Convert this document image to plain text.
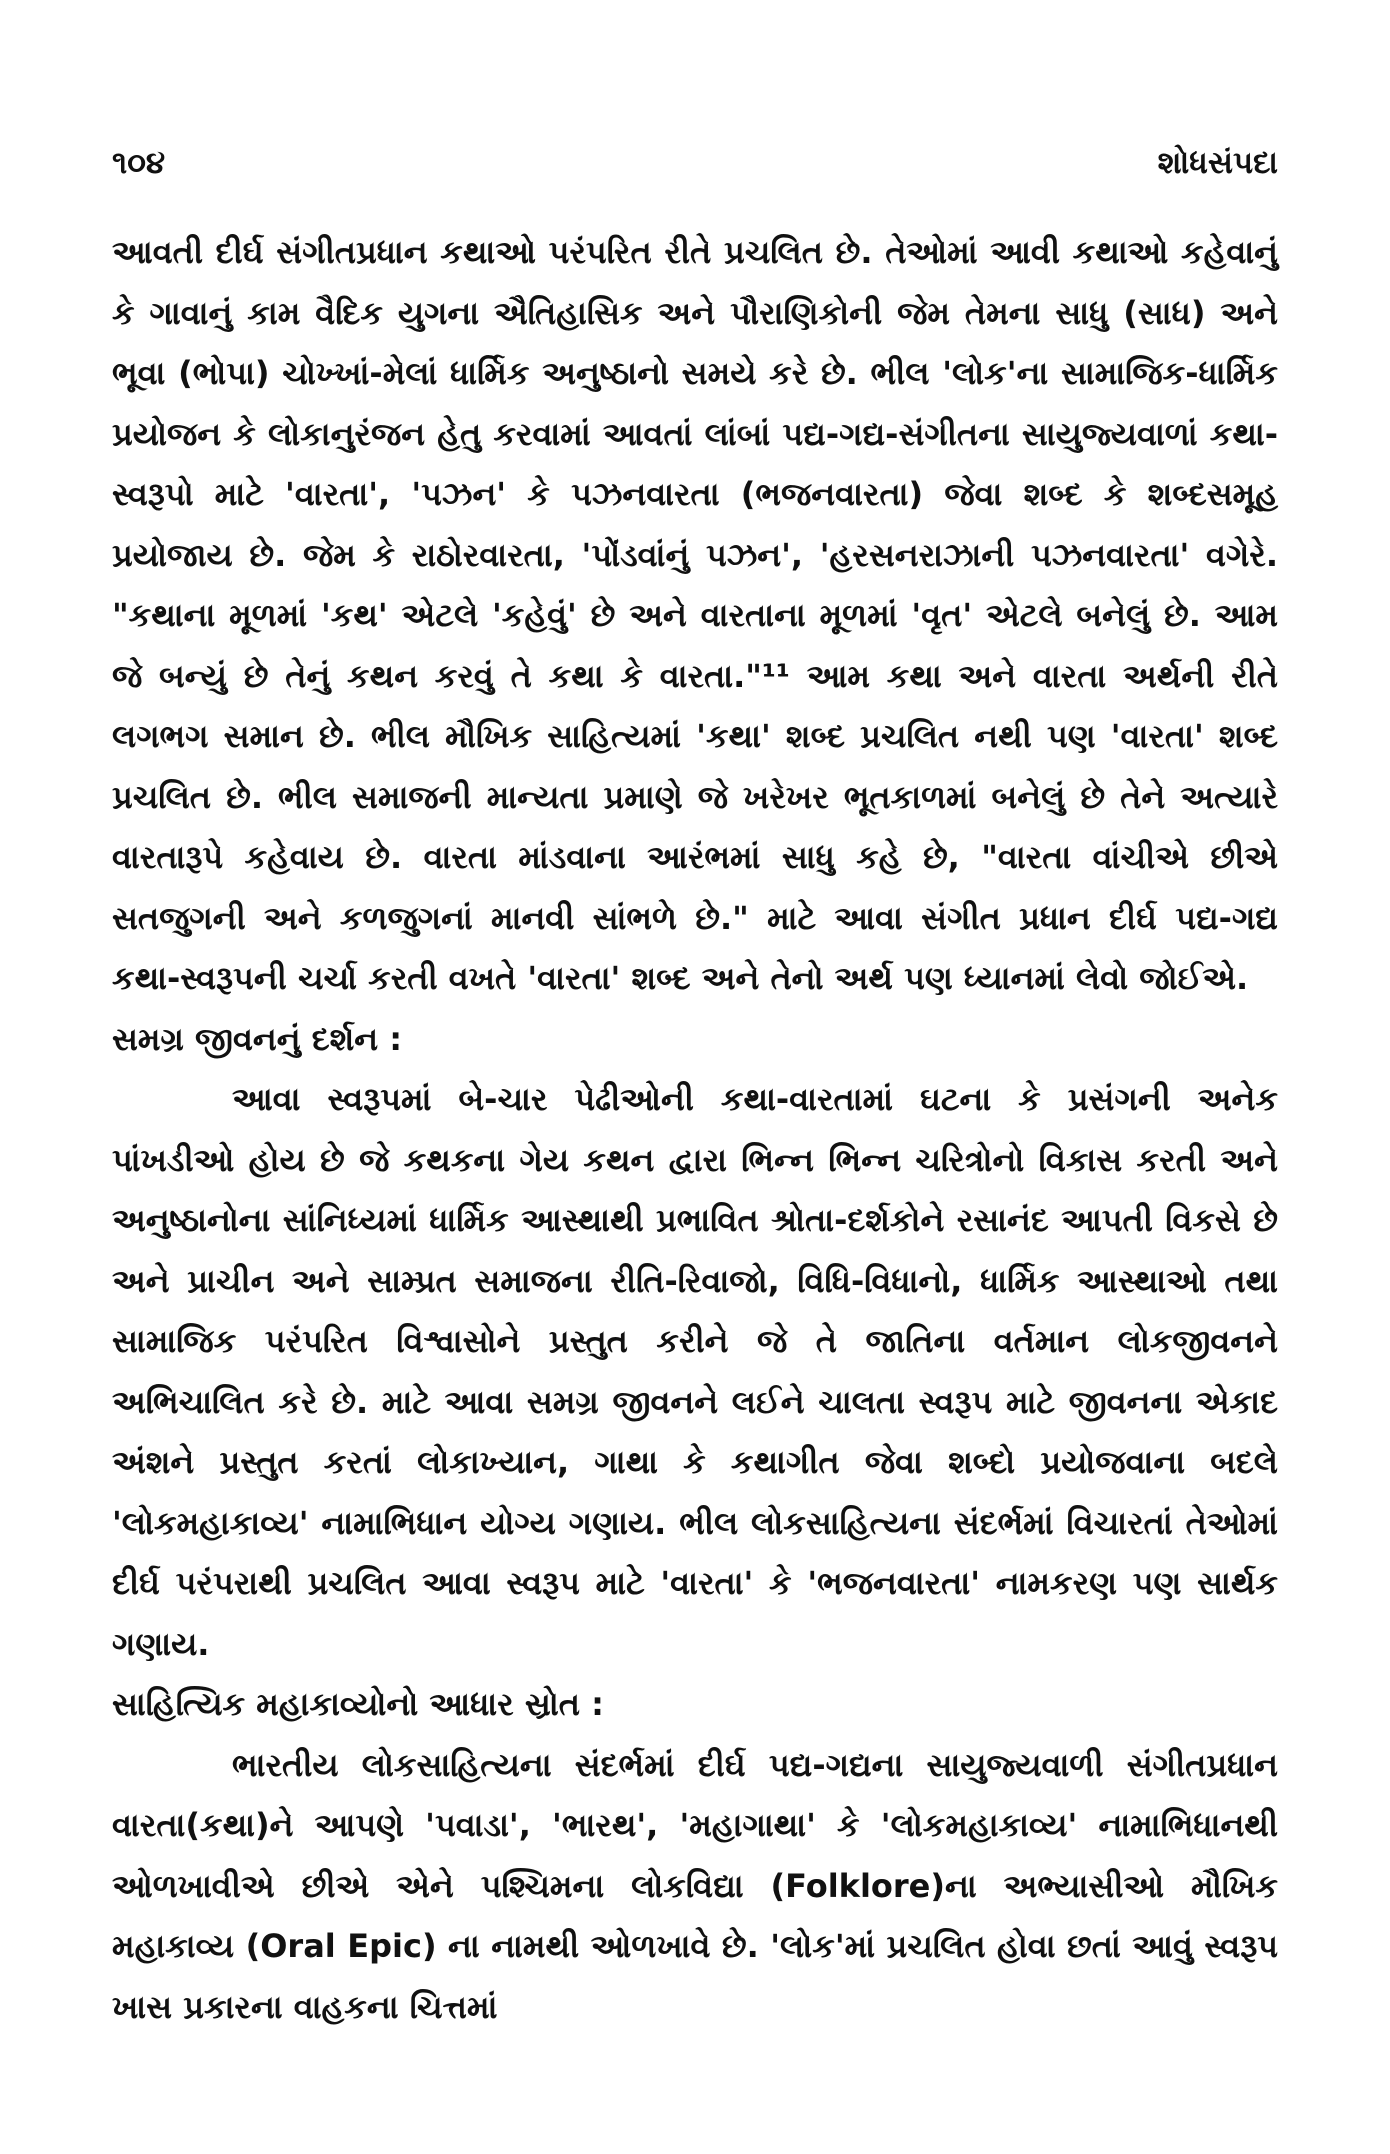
૧૦૪	શોધસંપદા

આવતી દીર્ઘ સંગીતપ્રધાન કથાઓ પરંપરિત રીતે પ્રચલિત છે. તેઓમાં આવી કથાઓ કહેવાનું કે ગાવાનું કામ વૈદિક યુગના ઐતિહાસિક અને પૌરાણિકોની જેમ તેમના સાધુ (સાધ) અને ભૂવા (ભોપા) ચોખ્ખાં-મેલાં ધાર્મિક અનુષ્ઠાનો સમયે કરે છે. ભીલ 'લોક'ના સામાજિક-ધાર્મિક પ્રયોજન કે લોકાનુરંજન હેતુ કરવામાં આવતાં લાંબાં પદ્ય-ગદ્ય-સંગીતના સાયુજ્યવાળાં કથા-સ્વરૂપો માટે 'વારતા', 'પઝન' કે પઝનવારતા (ભજનવારતા) જેવા શબ્દ કે શબ્દસમૂહ પ્રયોજાય છે. જેમ કે રાઠોરવારતા, 'પોંડવાંનું પઝન', 'હરસનરાઝાની પઝનવારતા' વગેરે. "કથાના મૂળમાં 'કથ' એટલે 'કહેવું' છે અને વારતાના મૂળમાં 'વૃત' એટલે બનેલું છે. આમ જે બન્યું છે તેનું કથન કરવું તે કથા કે વારતા."¹¹ આમ કથા અને વારતા અર્થની રીતે લગભગ સમાન છે. ભીલ મૌખિક સાહિત્યમાં 'કથા' શબ્દ પ્રચલિત નથી પણ 'વારતા' શબ્દ પ્રચલિત છે. ભીલ સમાજની માન્યતા પ્રમાણે જે ખરેખર ભૂતકાળમાં બનેલું છે તેને અત્યારે વારતારૂપે કહેવાય છે. વારતા માંડવાના આરંભમાં સાધુ કહે છે, "વારતા વાંચીએ છીએ સતજુગની અને કળજુગનાં માનવી સાંભળે છે." માટે આવા સંગીત પ્રધાન દીર્ઘ પદ્ય-ગદ્ય કથા-સ્વરૂપની ચર્ચા કરતી વખતે 'વારતા' શબ્દ અને તેનો અર્થ પણ ધ્યાનમાં લેવો જોઈએ.

સમગ્ર જીવનનું દર્શન :

આવા સ્વરૂપમાં બે-ચાર પેઢીઓની કથા-વારતામાં ઘટના કે પ્રસંગની અનેક પાંખડીઓ હોય છે જે કથકના ગેય કથન દ્વારા ભિન્ન ભિન્ન ચરિત્રોનો વિકાસ કરતી અને અનુષ્ઠાનોના સાંનિધ્યમાં ધાર્મિક આસ્થાથી પ્રભાવિત શ્રોતા-દર્શકોને રસાનંદ આપતી વિકસે છે અને પ્રાચીન અને સામ્પ્રત સમાજના રીતિ-રિવાજો, વિધિ-વિધાનો, ધાર્મિક આસ્થાઓ તથા સામાજિક પરંપરિત વિશ્વાસોને પ્રસ્તુત કરીને જે તે જાતિના વર્તમાન લોકજીવનને અભિચાલિત કરે છે. માટે આવા સમગ્ર જીવનને લઈને ચાલતા સ્વરૂપ માટે જીવનના એકાદ અંશને પ્રસ્તુત કરતાં લોકાખ્યાન, ગાથા કે કથાગીત જેવા શબ્દો પ્રયોજવાના બદલે 'લોકમહાકાવ્ય' નામાભિધાન યોગ્ય ગણાય. ભીલ લોકસાહિત્યના સંદર્ભમાં વિચારતાં તેઓમાં દીર્ઘ પરંપરાથી પ્રચલિત આવા સ્વરૂપ માટે 'વારતા' કે 'ભજનવારતા' નામકરણ પણ સાર્થક ગણાય.

સાહિત્યિક મહાકાવ્યોનો આધાર સ્રોત :

ભારતીય લોકસાહિત્યના સંદર્ભમાં દીર્ઘ પદ્ય-ગદ્યના સાયુજ્યવાળી સંગીતપ્રધાન વારતા(કથા)ને આપણે 'પવાડા', 'ભારથ', 'મહાગાથા' કે 'લોકમહાકાવ્ય' નામાભિધાનથી ઓળખાવીએ છીએ એને પશ્ચિમના લોકવિદ્યા (Folklore)ના અભ્યાસીઓ મૌખિક મહાકાવ્ય (Oral Epic) ના નામથી ઓળખાવે છે. 'લોક'માં પ્રચલિત હોવા છતાં આવું સ્વરૂપ ખાસ પ્રકારના વાહકના ચિત્તમાં
